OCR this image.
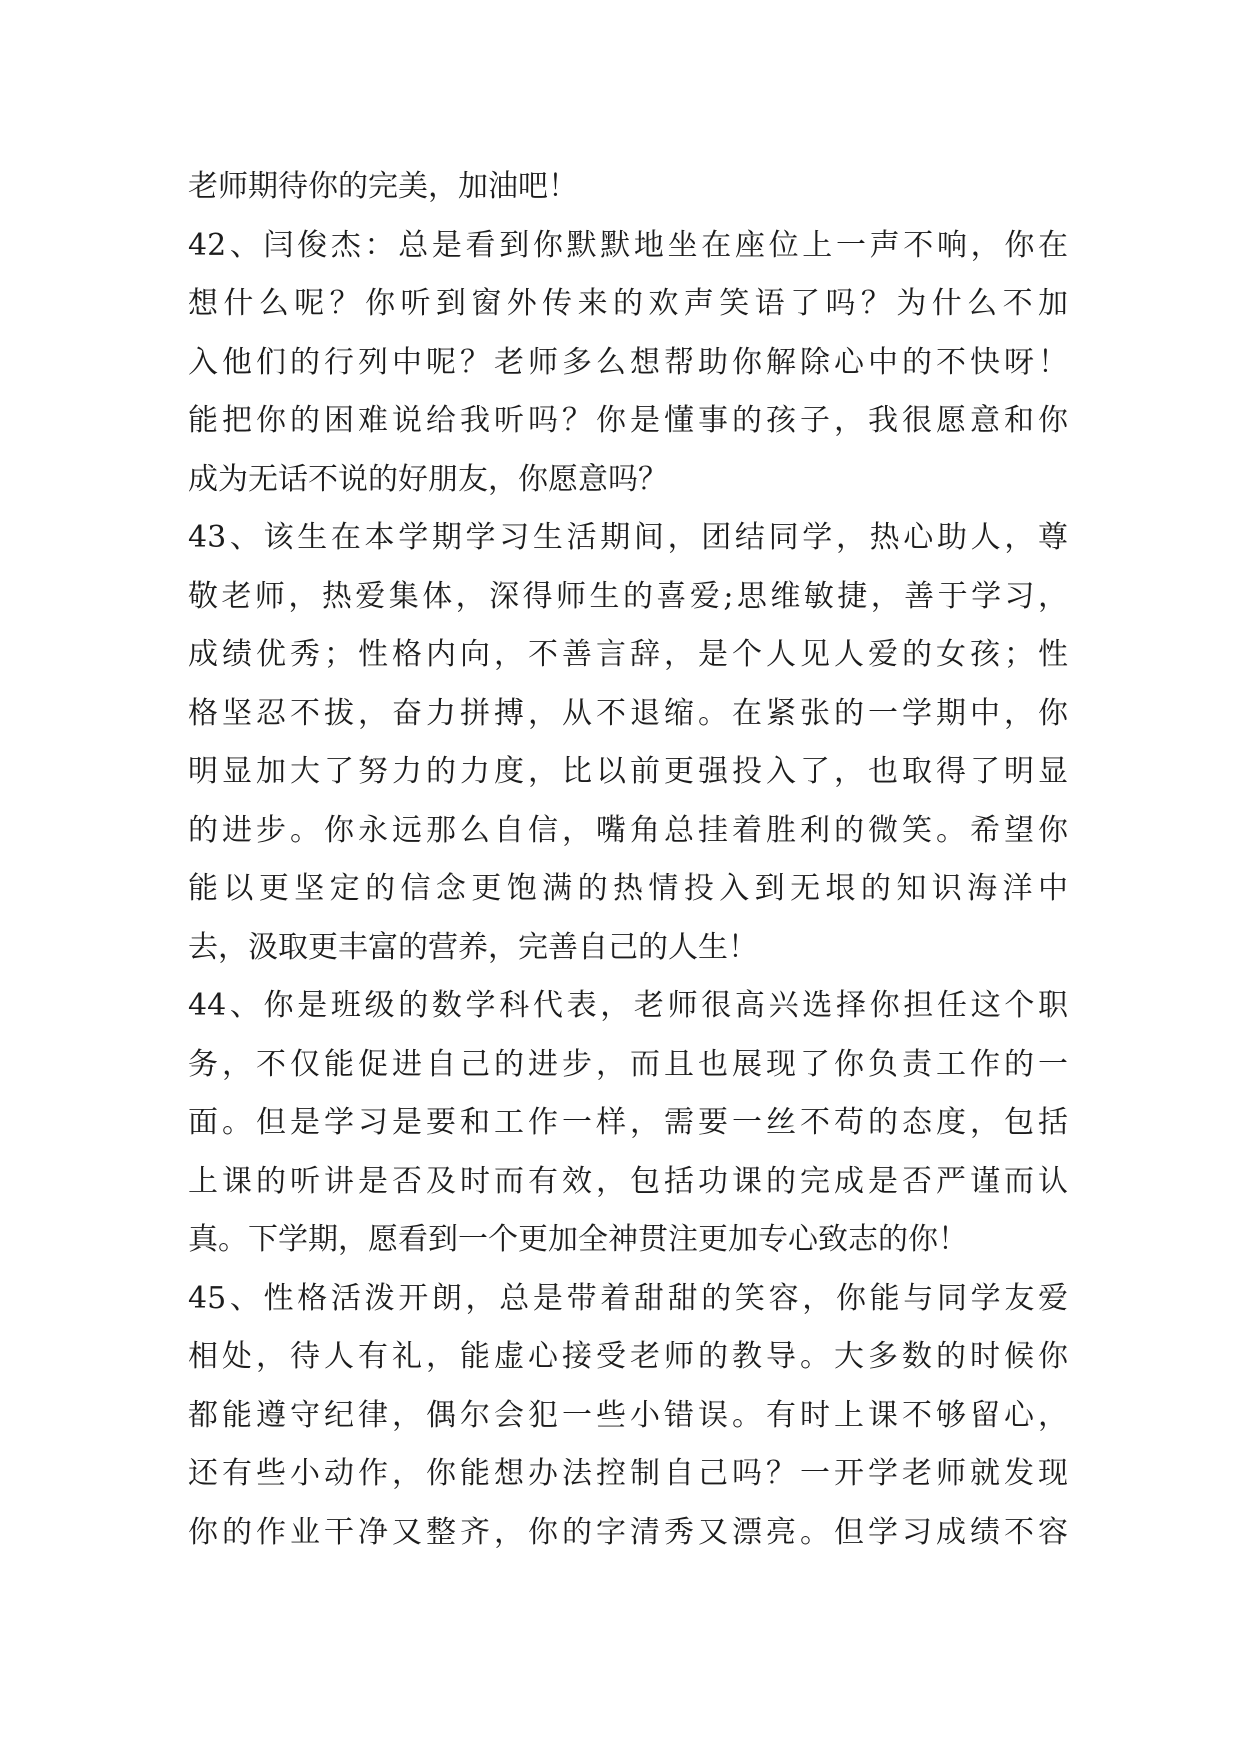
老师期待你的完美，加油吧！
42、闫俊杰：总是看到你默默地坐在座位上一声不响，你在
想什么呢？你听到窗外传来的欢声笑语了吗？为什么不加
入他们的行列中呢？老师多么想帮助你解除心中的不快呀！
能把你的困难说给我听吗？你是懂事的孩子，我很愿意和你
成为无话不说的好朋友，你愿意吗？
43、该生在本学期学习生活期间，团结同学，热心助人，尊
敬老师，热爱集体，深得师生的喜爱;思维敏捷，善于学习，
成绩优秀；性格内向，不善言辞，是个人见人爱的女孩；性
格坚忍不拔，奋力拼搏，从不退缩。在紧张的一学期中，你
明显加大了努力的力度，比以前更强投入了，也取得了明显
的进步。你永远那么自信，嘴角总挂着胜利的微笑。希望你
能以更坚定的信念更饱满的热情投入到无垠的知识海洋中
去，汲取更丰富的营养，完善自己的人生！
44、你是班级的数学科代表，老师很高兴选择你担任这个职
务，不仅能促进自己的进步，而且也展现了你负责工作的一
面。但是学习是要和工作一样，需要一丝不苟的态度，包括
上课的听讲是否及时而有效，包括功课的完成是否严谨而认
真。下学期，愿看到一个更加全神贯注更加专心致志的你！
45、性格活泼开朗，总是带着甜甜的笑容，你能与同学友爱
相处，待人有礼，能虚心接受老师的教导。大多数的时候你
都能遵守纪律，偶尔会犯一些小错误。有时上课不够留心，
还有些小动作，你能想办法控制自己吗？一开学老师就发现
你的作业干净又整齐，你的字清秀又漂亮。但学习成绩不容
